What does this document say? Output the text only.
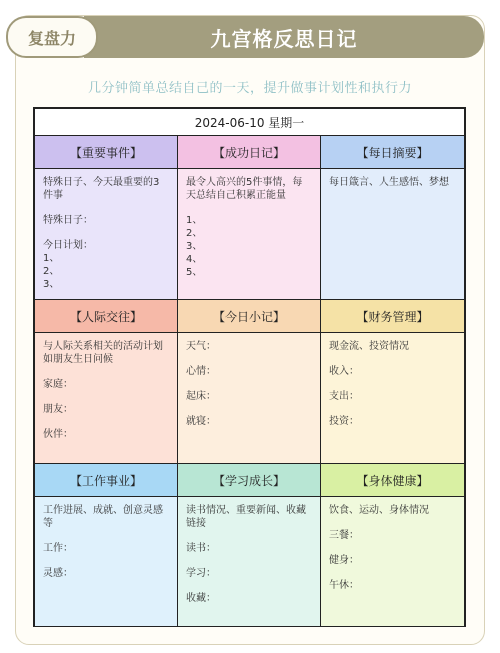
复盘力	九宫格反思日记
几分钟简单总结自己的一天，提升做事计划性和执行力
2024-06-10 星期一
【重要事件】
特殊日子、今天最重要的3
件事
特殊日子：
今日计划：
1、
2、
3、
【成功日记】
最令人高兴的5件事情，每
天总结自己积累正能量
1、
2、
3、
4、
5、
【每日摘要】
每日箴言、人生感悟、梦想
【人际交往】
与人际关系相关的活动计划
如朋友生日问候
家庭：
朋友：
伙伴：
【今日小记】
天气：
心情：
起床：
就寝：
【财务管理】
现金流、投资情况
收入：
支出：
投资：
【工作事业】
工作进展、成就、创意灵感
等
工作：
灵感：
【学习成长】
读书情况、重要新闻、收藏
链接
读书：
学习：
收藏：
【身体健康】
饮食、运动、身体情况
三餐：
健身：
午休：
